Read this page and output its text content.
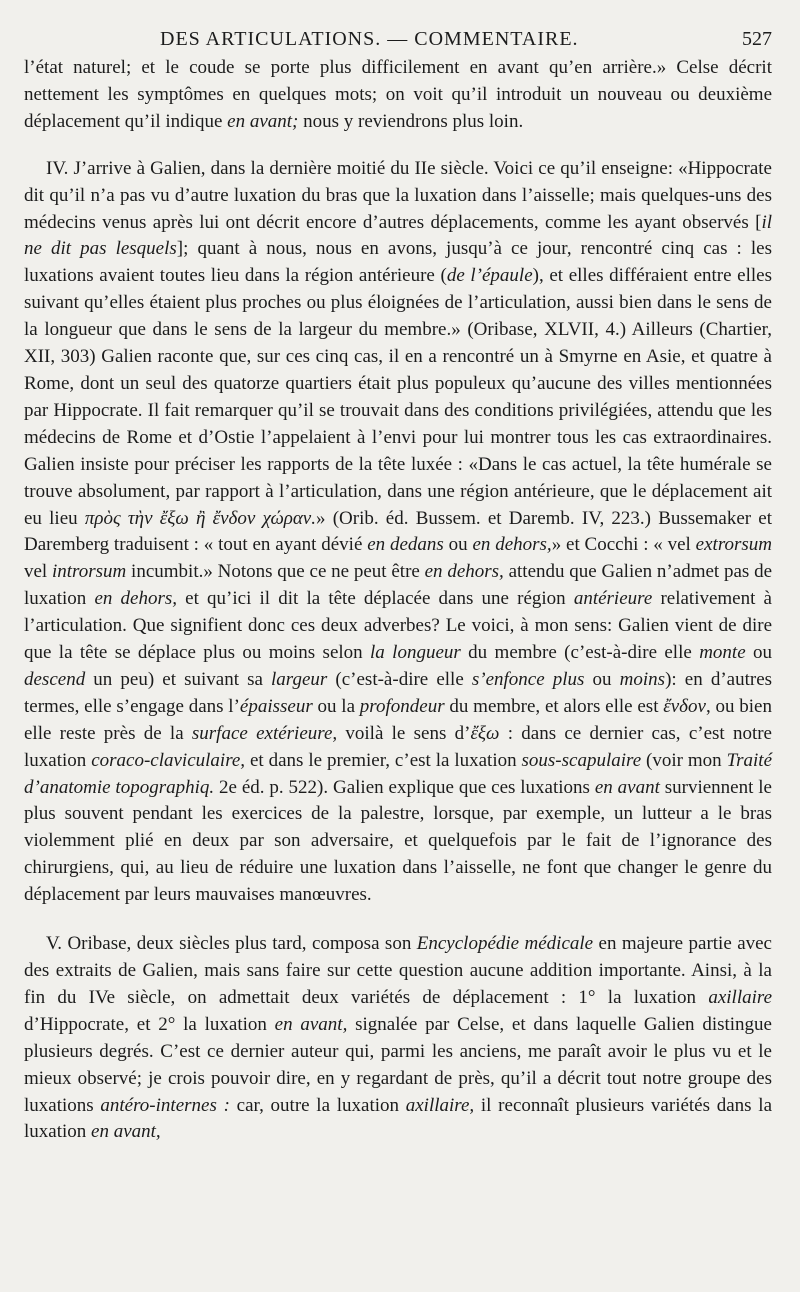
DES ARTICULATIONS. — COMMENTAIRE.	527

l’état naturel; et le coude se porte plus difficilement en avant qu’en arrière.» Celse décrit nettement les symptômes en quelques mots; on voit qu’il introduit un nouveau ou deuxième déplacement qu’il indique en avant; nous y reviendrons plus loin.

IV. J’arrive à Galien, dans la dernière moitié du IIe siècle. Voici ce qu’il enseigne: «Hippocrate dit qu’il n’a pas vu d’autre luxation du bras que la luxation dans l’aisselle; mais quelques-uns des médecins venus après lui ont décrit encore d’autres déplacements, comme les ayant observés [il ne dit pas lesquels]; quant à nous, nous en avons, jusqu’à ce jour, rencontré cinq cas : les luxations avaient toutes lieu dans la région antérieure (de l’épaule), et elles différaient entre elles suivant qu’elles étaient plus proches ou plus éloignées de l’articulation, aussi bien dans le sens de la longueur que dans le sens de la largeur du membre.» (Oribase, XLVII, 4.) Ailleurs (Chartier, XII, 303) Galien raconte que, sur ces cinq cas, il en a rencontré un à Smyrne en Asie, et quatre à Rome, dont un seul des quatorze quartiers était plus populeux qu’aucune des villes mentionnées par Hippocrate. Il fait remarquer qu’il se trouvait dans des conditions privilégiées, attendu que les médecins de Rome et d’Ostie l’appelaient à l’envi pour lui montrer tous les cas extraordinaires. Galien insiste pour préciser les rapports de la tête luxée : «Dans le cas actuel, la tête humérale se trouve absolument, par rapport à l’articulation, dans une région antérieure, que le déplacement ait eu lieu πρὸς τὴν ἔξω ἢ ἔνδον χώραν.» (Orib. éd. Bussem. et Daremb. IV, 223.) Bussemaker et Daremberg traduisent : « tout en ayant dévié en dedans ou en dehors,» et Cocchi : « vel extrorsum vel introrsum incumbit.» Notons que ce ne peut être en dehors, attendu que Galien n’admet pas de luxation en dehors, et qu’ici il dit la tête déplacée dans une région antérieure relativement à l’articulation. Que signifient donc ces deux adverbes? Le voici, à mon sens: Galien vient de dire que la tête se déplace plus ou moins selon la longueur du membre (c’est-à-dire elle monte ou descend un peu) et suivant sa largeur (c’est-à-dire elle s’enfonce plus ou moins): en d’autres termes, elle s’engage dans l’épaisseur ou la profondeur du membre, et alors elle est ἔνδον, ou bien elle reste près de la surface extérieure, voilà le sens d’ἔξω : dans ce dernier cas, c’est notre luxation coraco-claviculaire, et dans le premier, c’est la luxation sous-scapulaire (voir mon Traité d’anatomie topographiq. 2e éd. p. 522). Galien explique que ces luxations en avant surviennent le plus souvent pendant les exercices de la palestre, lorsque, par exemple, un lutteur a le bras violemment plié en deux par son adversaire, et quelquefois par le fait de l’ignorance des chirurgiens, qui, au lieu de réduire une luxation dans l’aisselle, ne font que changer le genre du déplacement par leurs mauvaises manœuvres.

V. Oribase, deux siècles plus tard, composa son Encyclopédie médicale en majeure partie avec des extraits de Galien, mais sans faire sur cette question aucune addition importante. Ainsi, à la fin du IVe siècle, on admettait deux variétés de déplacement : 1° la luxation axillaire d’Hippocrate, et 2° la luxation en avant, signalée par Celse, et dans laquelle Galien distingue plusieurs degrés. C’est ce dernier auteur qui, parmi les anciens, me paraît avoir le plus vu et le mieux observé; je crois pouvoir dire, en y regardant de près, qu’il a décrit tout notre groupe des luxations antéro-internes : car, outre la luxation axillaire, il reconnaît plusieurs variétés dans la luxation en avant,
